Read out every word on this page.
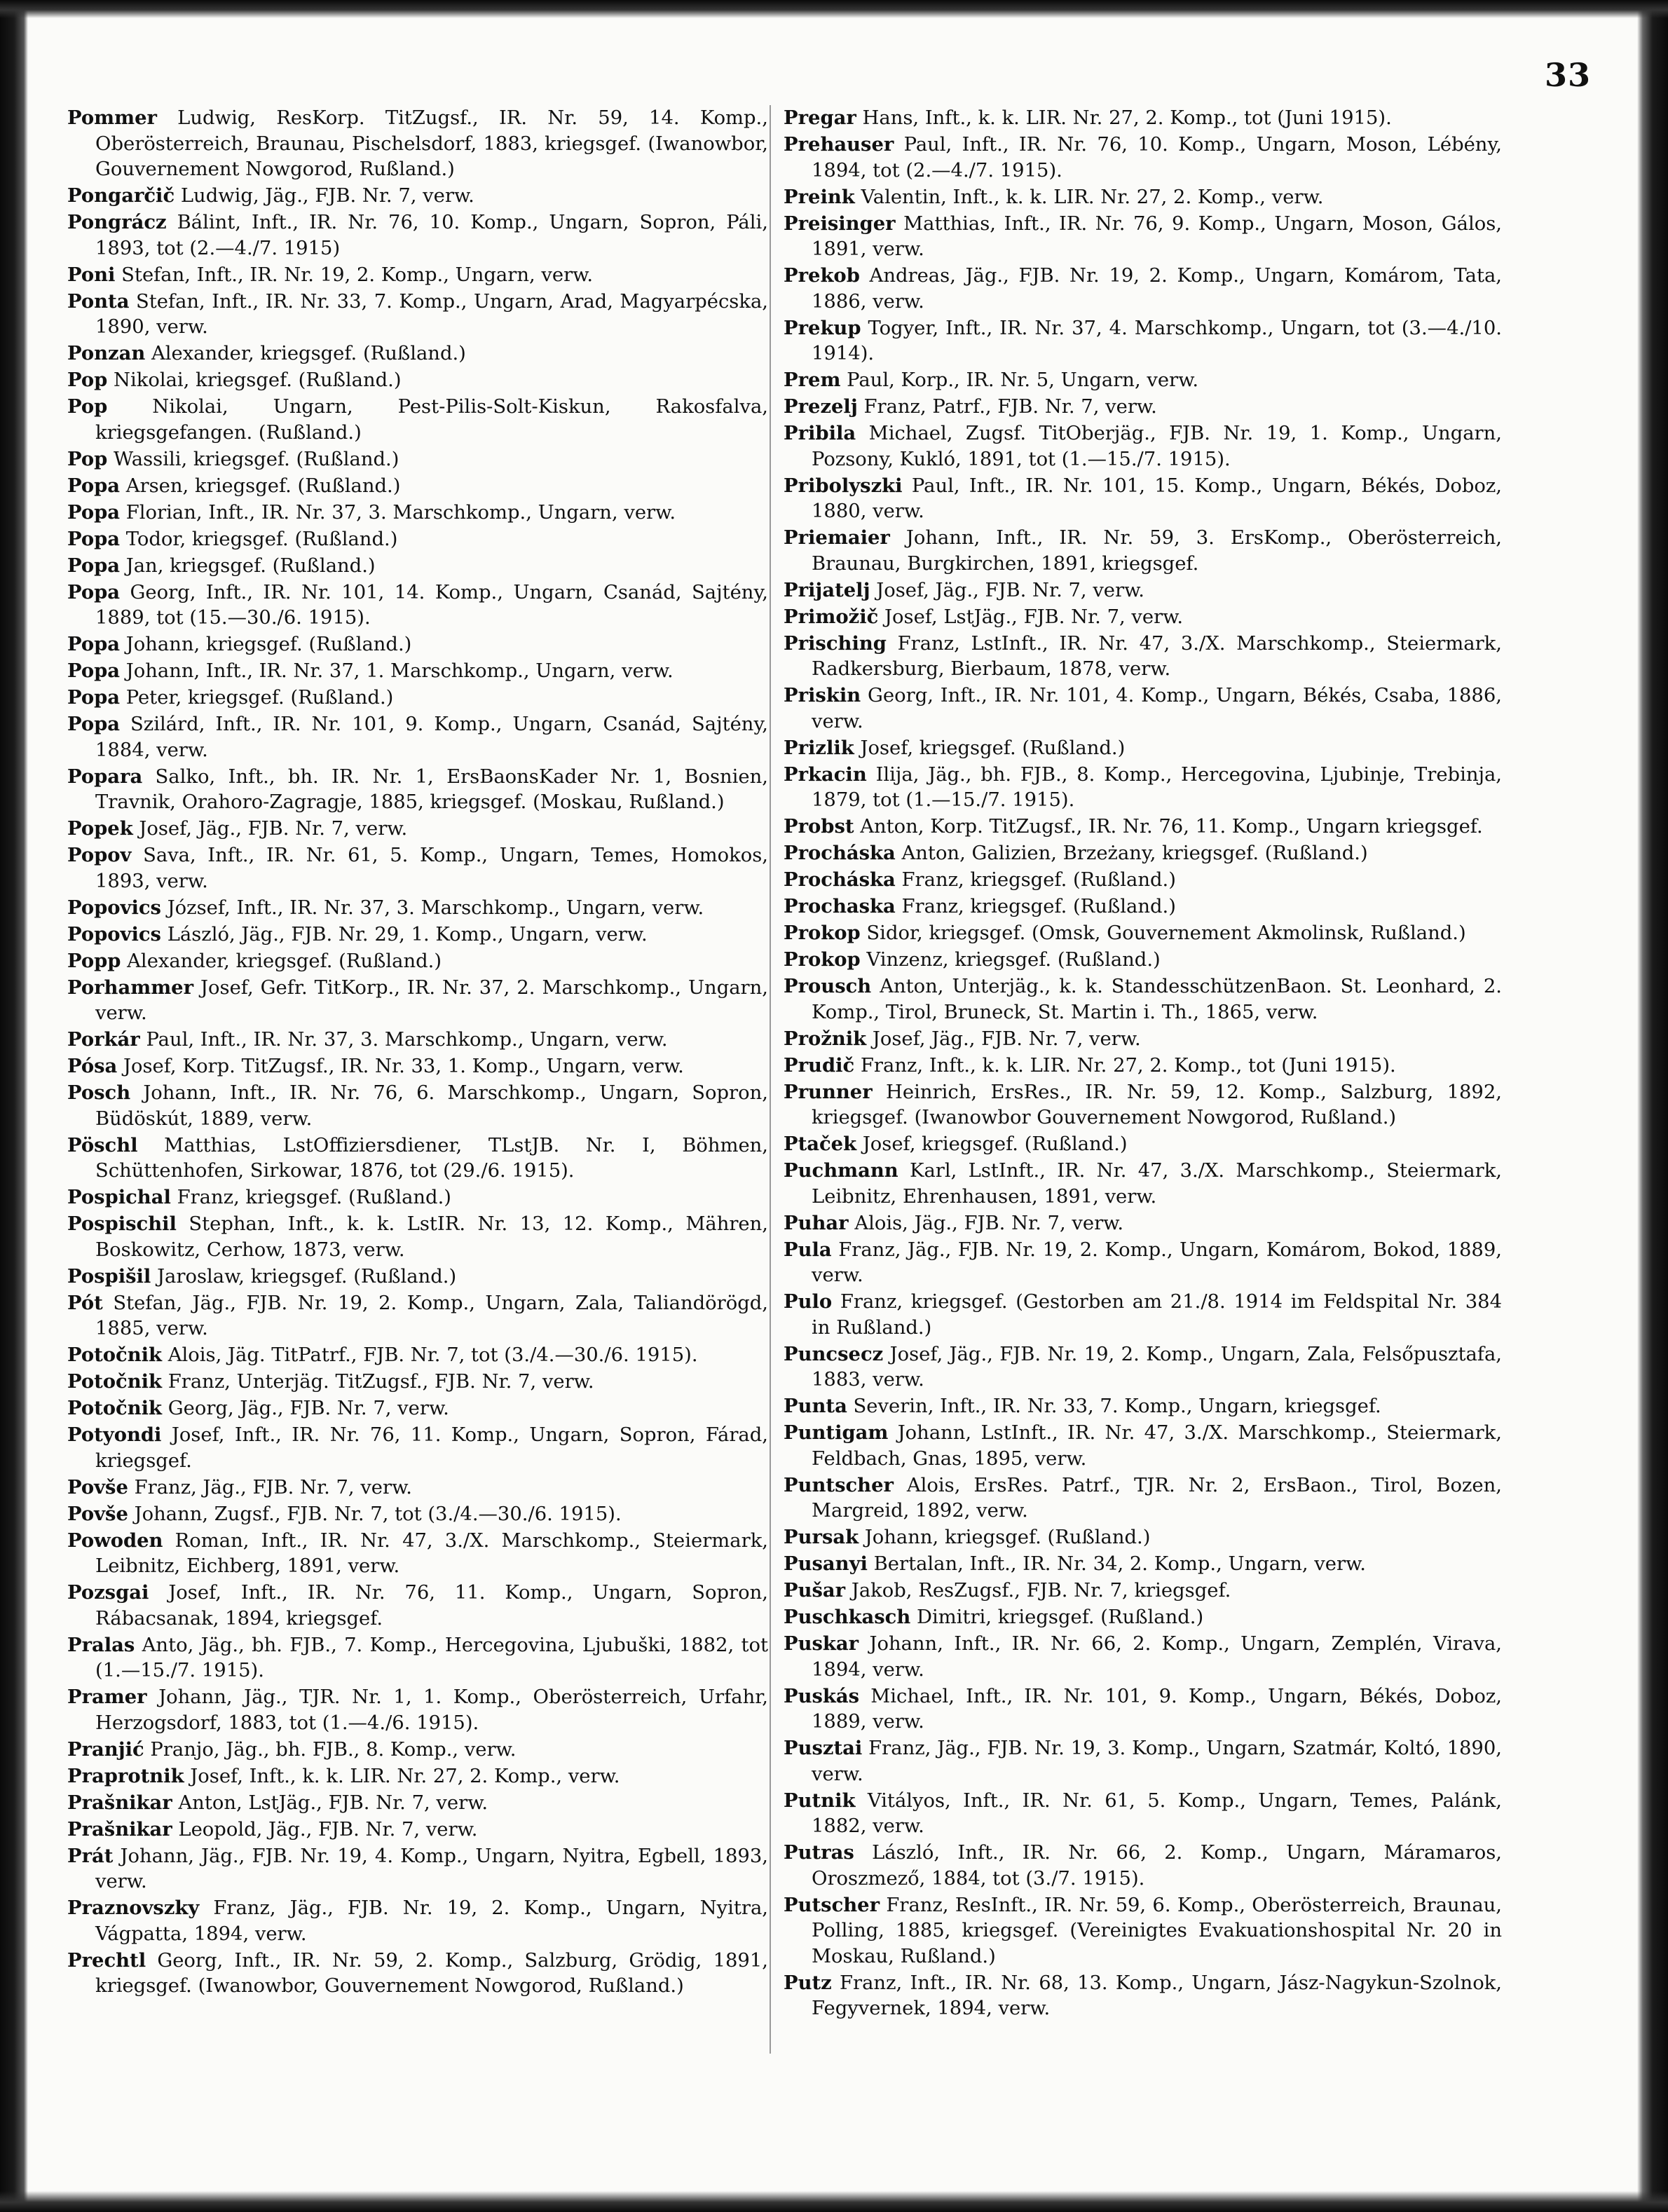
33

Pommer Ludwig, ResKorp. TitZugsf., IR. Nr. 59, 14. Komp., Oberösterreich, Braunau, Pischelsdorf, 1883, kriegsgef. (Iwanowbor, Gouvernement Nowgorod, Rußland.)

Pongarčič Ludwig, Jäg., FJB. Nr. 7, verw.

Pongrácz Bálint, Inft., IR. Nr. 76, 10. Komp., Ungarn, Sopron, Páli, 1893, tot (2.—4./7. 1915)

Poni Stefan, Inft., IR. Nr. 19, 2. Komp., Ungarn, verw.

Ponta Stefan, Inft., IR. Nr. 33, 7. Komp., Ungarn, Arad, Magyarpécska, 1890, verw.

Ponzan Alexander, kriegsgef. (Rußland.)

Pop Nikolai, kriegsgef. (Rußland.)

Pop Nikolai, Ungarn, Pest-Pilis-Solt-Kiskun, Rakosfalva, kriegsgefangen. (Rußland.)

Pop Wassili, kriegsgef. (Rußland.)

Popa Arsen, kriegsgef. (Rußland.)

Popa Florian, Inft., IR. Nr. 37, 3. Marschkomp., Ungarn, verw.

Popa Todor, kriegsgef. (Rußland.)

Popa Jan, kriegsgef. (Rußland.)

Popa Georg, Inft., IR. Nr. 101, 14. Komp., Ungarn, Csanád, Sajtény, 1889, tot (15.—30./6. 1915).

Popa Johann, kriegsgef. (Rußland.)

Popa Johann, Inft., IR. Nr. 37, 1. Marschkomp., Ungarn, verw.

Popa Peter, kriegsgef. (Rußland.)

Popa Szilárd, Inft., IR. Nr. 101, 9. Komp., Ungarn, Csanád, Sajtény, 1884, verw.

Popara Salko, Inft., bh. IR. Nr. 1, ErsBaonsKader Nr. 1, Bosnien, Travnik, Orahoro-Zagragje, 1885, kriegsgef. (Moskau, Rußland.)

Popek Josef, Jäg., FJB. Nr. 7, verw.

Popov Sava, Inft., IR. Nr. 61, 5. Komp., Ungarn, Temes, Homokos, 1893, verw.

Popovics József, Inft., IR. Nr. 37, 3. Marschkomp., Ungarn, verw.

Popovics László, Jäg., FJB. Nr. 29, 1. Komp., Ungarn, verw.

Popp Alexander, kriegsgef. (Rußland.)

Porhammer Josef, Gefr. TitKorp., IR. Nr. 37, 2. Marschkomp., Ungarn, verw.

Porkár Paul, Inft., IR. Nr. 37, 3. Marschkomp., Ungarn, verw.

Pósa Josef, Korp. TitZugsf., IR. Nr. 33, 1. Komp., Ungarn, verw.

Posch Johann, Inft., IR. Nr. 76, 6. Marschkomp., Ungarn, Sopron, Büdöskút, 1889, verw.

Pöschl Matthias, LstOffiziersdiener, TLstJB. Nr. I, Böhmen, Schüttenhofen, Sirkowar, 1876, tot (29./6. 1915).

Pospichal Franz, kriegsgef. (Rußland.)

Pospischil Stephan, Inft., k. k. LstIR. Nr. 13, 12. Komp., Mähren, Boskowitz, Cerhow, 1873, verw.

Pospišil Jaroslaw, kriegsgef. (Rußland.)

Pót Stefan, Jäg., FJB. Nr. 19, 2. Komp., Ungarn, Zala, Taliandörögd, 1885, verw.

Potočnik Alois, Jäg. TitPatrf., FJB. Nr. 7, tot (3./4.—30./6. 1915).

Potočnik Franz, Unterjäg. TitZugsf., FJB. Nr. 7, verw.

Potočnik Georg, Jäg., FJB. Nr. 7, verw.

Potyondi Josef, Inft., IR. Nr. 76, 11. Komp., Ungarn, Sopron, Fárad, kriegsgef.

Povše Franz, Jäg., FJB. Nr. 7, verw.

Povše Johann, Zugsf., FJB. Nr. 7, tot (3./4.—30./6. 1915).

Powoden Roman, Inft., IR. Nr. 47, 3./X. Marschkomp., Steiermark, Leibnitz, Eichberg, 1891, verw.

Pozsgai Josef, Inft., IR. Nr. 76, 11. Komp., Ungarn, Sopron, Rábacsanak, 1894, kriegsgef.

Pralas Anto, Jäg., bh. FJB., 7. Komp., Hercegovina, Ljubuški, 1882, tot (1.—15./7. 1915).

Pramer Johann, Jäg., TJR. Nr. 1, 1. Komp., Oberösterreich, Urfahr, Herzogsdorf, 1883, tot (1.—4./6. 1915).

Pranjić Pranjo, Jäg., bh. FJB., 8. Komp., verw.

Praprotnik Josef, Inft., k. k. LIR. Nr. 27, 2. Komp., verw.

Prašnikar Anton, LstJäg., FJB. Nr. 7, verw.

Prašnikar Leopold, Jäg., FJB. Nr. 7, verw.

Prát Johann, Jäg., FJB. Nr. 19, 4. Komp., Ungarn, Nyitra, Egbell, 1893, verw.

Praznovszky Franz, Jäg., FJB. Nr. 19, 2. Komp., Ungarn, Nyitra, Vágpatta, 1894, verw.

Prechtl Georg, Inft., IR. Nr. 59, 2. Komp., Salzburg, Grödig, 1891, kriegsgef. (Iwanowbor, Gouvernement Nowgorod, Rußland.)

Pregar Hans, Inft., k. k. LIR. Nr. 27, 2. Komp., tot (Juni 1915).

Prehauser Paul, Inft., IR. Nr. 76, 10. Komp., Ungarn, Moson, Lébény, 1894, tot (2.—4./7. 1915).

Preink Valentin, Inft., k. k. LIR. Nr. 27, 2. Komp., verw.

Preisinger Matthias, Inft., IR. Nr. 76, 9. Komp., Ungarn, Moson, Gálos, 1891, verw.

Prekob Andreas, Jäg., FJB. Nr. 19, 2. Komp., Ungarn, Komárom, Tata, 1886, verw.

Prekup Togyer, Inft., IR. Nr. 37, 4. Marschkomp., Ungarn, tot (3.—4./10. 1914).

Prem Paul, Korp., IR. Nr. 5, Ungarn, verw.

Prezelj Franz, Patrf., FJB. Nr. 7, verw.

Pribila Michael, Zugsf. TitOberjäg., FJB. Nr. 19, 1. Komp., Ungarn, Pozsony, Kukló, 1891, tot (1.—15./7. 1915).

Pribolyszki Paul, Inft., IR. Nr. 101, 15. Komp., Ungarn, Békés, Doboz, 1880, verw.

Priemaier Johann, Inft., IR. Nr. 59, 3. ErsKomp., Oberösterreich, Braunau, Burgkirchen, 1891, kriegsgef.

Prijatelj Josef, Jäg., FJB. Nr. 7, verw.

Primožič Josef, LstJäg., FJB. Nr. 7, verw.

Prisching Franz, LstInft., IR. Nr. 47, 3./X. Marschkomp., Steiermark, Radkersburg, Bierbaum, 1878, verw.

Priskin Georg, Inft., IR. Nr. 101, 4. Komp., Ungarn, Békés, Csaba, 1886, verw.

Prizlik Josef, kriegsgef. (Rußland.)

Prkacin Ilija, Jäg., bh. FJB., 8. Komp., Hercegovina, Ljubinje, Trebinja, 1879, tot (1.—15./7. 1915).

Probst Anton, Korp. TitZugsf., IR. Nr. 76, 11. Komp., Ungarn kriegsgef.

Procháska Anton, Galizien, Brzeżany, kriegsgef. (Rußland.)

Procháska Franz, kriegsgef. (Rußland.)

Prochaska Franz, kriegsgef. (Rußland.)

Prokop Sidor, kriegsgef. (Omsk, Gouvernement Akmolinsk, Rußland.)

Prokop Vinzenz, kriegsgef. (Rußland.)

Prousch Anton, Unterjäg., k. k. StandesschützenBaon. St. Leonhard, 2. Komp., Tirol, Bruneck, St. Martin i. Th., 1865, verw.

Prožnik Josef, Jäg., FJB. Nr. 7, verw.

Prudič Franz, Inft., k. k. LIR. Nr. 27, 2. Komp., tot (Juni 1915).

Prunner Heinrich, ErsRes., IR. Nr. 59, 12. Komp., Salzburg, 1892, kriegsgef. (Iwanowbor Gouvernement Nowgorod, Rußland.)

Ptaček Josef, kriegsgef. (Rußland.)

Puchmann Karl, LstInft., IR. Nr. 47, 3./X. Marschkomp., Steiermark, Leibnitz, Ehrenhausen, 1891, verw.

Puhar Alois, Jäg., FJB. Nr. 7, verw.

Pula Franz, Jäg., FJB. Nr. 19, 2. Komp., Ungarn, Komárom, Bokod, 1889, verw.

Pulo Franz, kriegsgef. (Gestorben am 21./8. 1914 im Feldspital Nr. 384 in Rußland.)

Puncsecz Josef, Jäg., FJB. Nr. 19, 2. Komp., Ungarn, Zala, Felsőpusztafa, 1883, verw.

Punta Severin, Inft., IR. Nr. 33, 7. Komp., Ungarn, kriegsgef.

Puntigam Johann, LstInft., IR. Nr. 47, 3./X. Marschkomp., Steiermark, Feldbach, Gnas, 1895, verw.

Puntscher Alois, ErsRes. Patrf., TJR. Nr. 2, ErsBaon., Tirol, Bozen, Margreid, 1892, verw.

Pursak Johann, kriegsgef. (Rußland.)

Pusanyi Bertalan, Inft., IR. Nr. 34, 2. Komp., Ungarn, verw.

Pušar Jakob, ResZugsf., FJB. Nr. 7, kriegsgef.

Puschkasch Dimitri, kriegsgef. (Rußland.)

Puskar Johann, Inft., IR. Nr. 66, 2. Komp., Ungarn, Zemplén, Virava, 1894, verw.

Puskás Michael, Inft., IR. Nr. 101, 9. Komp., Ungarn, Békés, Doboz, 1889, verw.

Pusztai Franz, Jäg., FJB. Nr. 19, 3. Komp., Ungarn, Szatmár, Koltó, 1890, verw.

Putnik Vitályos, Inft., IR. Nr. 61, 5. Komp., Ungarn, Temes, Palánk, 1882, verw.

Putras László, Inft., IR. Nr. 66, 2. Komp., Ungarn, Máramaros, Oroszmező, 1884, tot (3./7. 1915).

Putscher Franz, ResInft., IR. Nr. 59, 6. Komp., Oberösterreich, Braunau, Polling, 1885, kriegsgef. (Vereinigtes Evakuationshospital Nr. 20 in Moskau, Rußland.)

Putz Franz, Inft., IR. Nr. 68, 13. Komp., Ungarn, Jász-Nagykun-Szolnok, Fegyvernek, 1894, verw.
